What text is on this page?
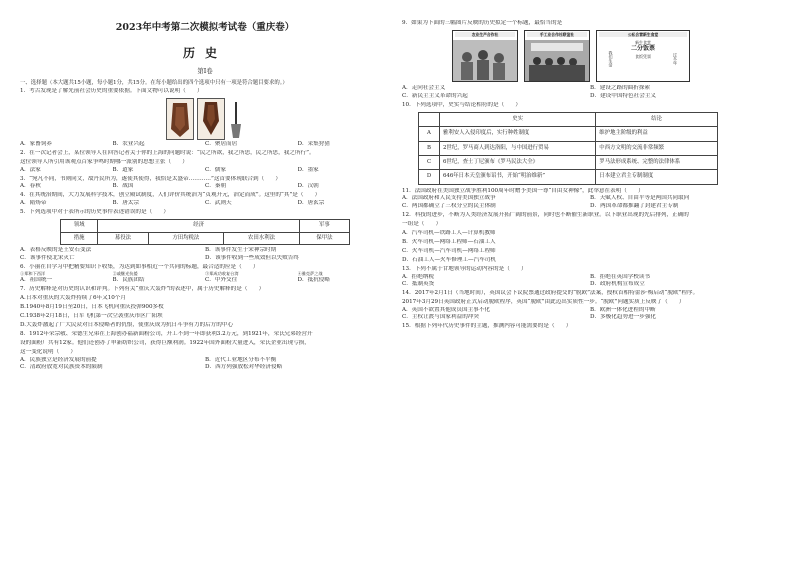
2023年中考第二次模拟考试卷（重庆卷）
历史
第Ⅰ卷
一、选择题（本大题共15小题，每小题1分，共15分。在每小题给出的四个选项中只有一项是符合题目要求的。）
1．考古发现是了解先前社会历史的重要依据。下面文物可以说明（　　）
A．家畜饲养	B．农业兴起	C．聚居而居	D．采集狩猎
2．在一次记者会上，某位领导人在回答记者关于你的上海的问题时说：“民之所欲，我之所思，民之所思，我之所行”。
这位领导人所引用该观点百家争鸣时期哪一派别的思想主张（　　）
A．法家	B．道家	C．儒家	D．墨家
3．“宛凡不同，书则同文，故丹民所为，遂使其使得，我恰是太盛帝…………”这首要体现联合到（　　）
A．春秋	B．战国	C．秦朝	D．汉朝
4．在其统治期间，大力发展科学技术，创立殿试制度，人们评价其统治为“贞观开元，治定而成”。这里的“其”是（　　）
A．隋炀帝	B．唐太宗	C．武则天	D．唐玄宗
5．下列选项中对于表所示的历史事件表述错误的是（　　）
领域	经济			军事
措施	募役法	方田均税法	农田水利法	保甲法
A．表格反映的是王安石变法	B．该事件发生于宋神宗时期
C．该事件使北宋灭亡	D．该事件收到一些成效但以失败告终
6．小丽在自学习中把精要知识下收集，为达到如事相近一个共同的标题，最合适的应是（　　）
①郑和下西洋	②戚继光抗倭	③郑成功收复台湾	④雅克萨之战
A．祖国统一	B．民族团结	C．中外交往	D．抵抗侵略
7．历史解释是对历史的认识和评判。下列有关“重庆大轰炸”的表述中，属于历史解释的是（　　）
A.日本对重庆的大轰炸持续了6年又10个月
B.1940年8月19日至20日，日本飞机向重庆投弹900多枚
C.1938年2月18日，日军飞机第一次空袭重庆市区广阳坝
D.大轰炸激起了广大民众对日本侵略者的仇恨，使重庆成为抗日斗争有力的后方的中心
8．1912年荣宗敬、荣德生兄弟在上海创办福新面粉公司，开工不到一年即获利3.2万元，到1921年，荣氏兄弟经营开
设的面粉厂共有12家。他们还创办了申新纺织公司，获得巨额利润。1922年国外面粉大量进入，荣氏企业出现亏损，
这一变化说明（　　）
A．民族独立是经济发展的前提	B．近代工业地区分布不平衡
C．清政府放宽对民族资本的限制	D．西方列强放松对华经济侵略
9．如果为下面的三幅图片反映的历史拟定一个标题，最恰当的是
农业生产合作社	手工业合作社联谊社	公私合营新生食堂
我们生活
新生食堂
二分饭票
食饭凭票	过多年
A．走向社会主义	B．建设之路的曲折探索
C．新民主主义革命的兴起	D．建设中国特色社会主义
10．下列选项中，史实与结论相符的是（　　）
	史实	结论
A	雅利安人入侵印度后，实行种姓制度	维护地主阶级的利益
B	2世纪，罗马商人到达洛阳，与中国进行贸易	中西方文明的交流非常频繁
C	6世纪，查士丁尼颁布《罗马民法大全》	罗马法形成系统、完整的法律体系
D	646年日本天皇颁布诏书，开始“明治维新”	日本建立君主专制制度
11．法国政府在美国独立战争胜利100周年时赠予美国一尊“自由女神像”，此举意在表明（　　）
A．法国政府和人民支持美国独立战争	B．天赋人权、自由平等是两国共同取向
C．两国都确立了三权分立的民主体制	D．两国革命都推翻了封建君主专制
12．科技的进步，不断为人类经济发展开拓广阔的前景，同时也不断催生新职业。以下职业出现的先后排列，正确的
一组是（　　）
A．汽车司机—铁路工人—计算机教师
B．火车司机—网络工程师—石油工人
C．火车司机—汽车司机—网络工程师
D．石油工人—火车修理工—汽车司机
13．下列不属于甘地领导的运动内容的是（　　）
A．拒绝纳税	B．拒绝在英国学校读书
C．抵制英货	D．政府机构宣布成立
14．2017年2月1日（当地时间），英国议会下议院票通过政府提交的“脱欧”法案，授权首相特蕾莎·梅启动“脱欧”程序。
2017年3月29日英国政府正式启动脱欧程序，英国“脱欧”由此迈出实质性一步。“脱欧”问题实质上反映了（　　）
A．英国不欲置其他成员国主事不化	B．欧洲一体化进程的中断
C．主权让渡与国家利益的冲突	D．多极化趋势进一步强化
15．根据下列年代历史事件的主题，推测内容可能需要的是（　　）
